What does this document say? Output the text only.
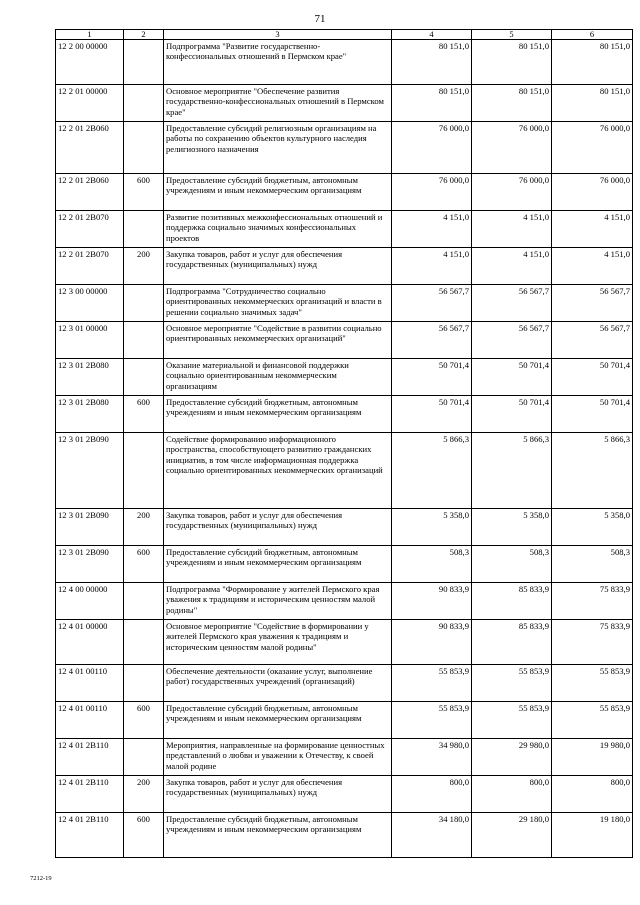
71
1	2	3	4	5	6
12 2 00 00000		Подпрограмма "Развитие государственно-конфессиональных отношений в Пермском крае"	80 151,0	80 151,0	80 151,0
12 2 01 00000		Основное мероприятие "Обеспечение развития государственно-конфессиональных отношений в Пермском крае"	80 151,0	80 151,0	80 151,0
12 2 01 2В060		Предоставление субсидий религиозным организациям на работы по сохранению объектов культурного наследия религиозного назначения	76 000,0	76 000,0	76 000,0
12 2 01 2В060	600	Предоставление субсидий бюджетным, автономным учреждениям и иным некоммерческим организациям	76 000,0	76 000,0	76 000,0
12 2 01 2В070		Развитие позитивных межконфессиональных отношений и поддержка социально значимых конфессиональных проектов	4 151,0	4 151,0	4 151,0
12 2 01 2В070	200	Закупка товаров, работ и услуг для обеспечения государственных (муниципальных) нужд	4 151,0	4 151,0	4 151,0
12 3 00 00000		Подпрограмма "Сотрудничество социально ориентированных некоммерческих организаций и власти в решении социально значимых задач"	56 567,7	56 567,7	56 567,7
12 3 01 00000		Основное мероприятие "Содействие в развитии социально ориентированных некоммерческих организаций"	56 567,7	56 567,7	56 567,7
12 3 01 2В080		Оказание материальной и финансовой поддержки социально ориентированным некоммерческим организациям	50 701,4	50 701,4	50 701,4
12 3 01 2В080	600	Предоставление субсидий бюджетным, автономным учреждениям и иным некоммерческим организациям	50 701,4	50 701,4	50 701,4
12 3 01 2В090		Содействие формированию информационного пространства, способствующего развитию гражданских инициатив, в том числе информационная поддержка социально ориентированных некоммерческих организаций	5 866,3	5 866,3	5 866,3
12 3 01 2В090	200	Закупка товаров, работ и услуг для обеспечения государственных (муниципальных) нужд	5 358,0	5 358,0	5 358,0
12 3 01 2В090	600	Предоставление субсидий бюджетным, автономным учреждениям и иным некоммерческим организациям	508,3	508,3	508,3
12 4 00 00000		Подпрограмма "Формирование у жителей Пермского края уважения к традициям и историческим ценностям малой родины"	90 833,9	85 833,9	75 833,9
12 4 01 00000		Основное мероприятие "Содействие в формировании у жителей Пермского края уважения к традициям и историческим ценностям малой родины"	90 833,9	85 833,9	75 833,9
12 4 01 00110		Обеспечение деятельности (оказание услуг, выполнение работ) государственных учреждений (организаций)	55 853,9	55 853,9	55 853,9
12 4 01 00110	600	Предоставление субсидий бюджетным, автономным учреждениям и иным некоммерческим организациям	55 853,9	55 853,9	55 853,9
12 4 01 2В110		Мероприятия, направленные на формирование ценностных представлений о любви и уважении к Отечеству, к своей малой родине	34 980,0	29 980,0	19 980,0
12 4 01 2В110	200	Закупка товаров, работ и услуг для обеспечения государственных (муниципальных) нужд	800,0	800,0	800,0
12 4 01 2В110	600	Предоставление субсидий бюджетным, автономным учреждениям и иным некоммерческим организациям	34 180,0	29 180,0	19 180,0
7212-19
